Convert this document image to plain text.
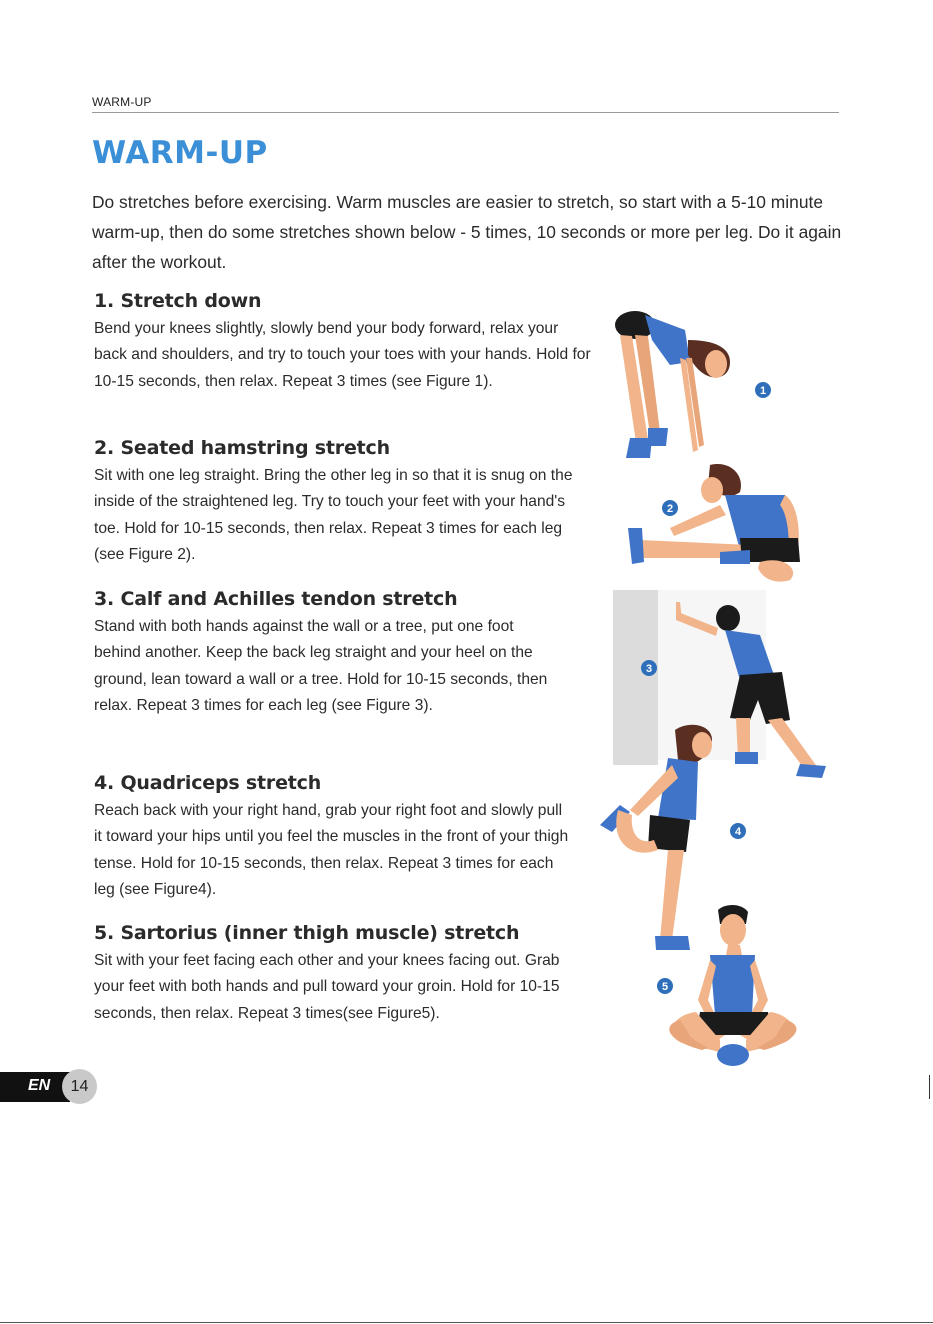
WARM-UP
WARM-UP

Do stretches before exercising. Warm muscles are easier to stretch, so start with a 5-10 minute warm-up, then do some stretches shown below - 5 times, 10 seconds or more per leg. Do it again after the workout.

1. Stretch down

Bend your knees slightly, slowly bend your body forward, relax your back and shoulders, and try to touch your toes with your hands. Hold for 10-15 seconds, then relax. Repeat 3 times (see Figure 1).

2. Seated hamstring stretch

Sit with one leg straight. Bring the other leg in so that it is snug on the inside of the straightened leg. Try to touch your feet with your hand's toe. Hold for 10-15 seconds, then relax. Repeat 3 times for each leg (see Figure 2).

3. Calf and Achilles tendon stretch

Stand with both hands against the wall or a tree, put one foot behind another. Keep the back leg straight and your heel on the ground, lean toward a wall or a tree. Hold for 10-15 seconds, then relax. Repeat 3 times for each leg (see Figure 3).

4. Quadriceps stretch

Reach back with your right hand, grab your right foot and slowly pull it toward your hips until you feel the muscles in the front of your thigh tense. Hold for 10-15 seconds, then relax. Repeat 3 times for each leg (see Figure4).

5. Sartorius (inner thigh muscle) stretch

Sit with your feet facing each other and your knees facing out. Grab your feet with both hands and pull toward your groin. Hold for 10-15 seconds, then relax. Repeat 3 times(see Figure5).

1
2
3
4
5
EN	14
